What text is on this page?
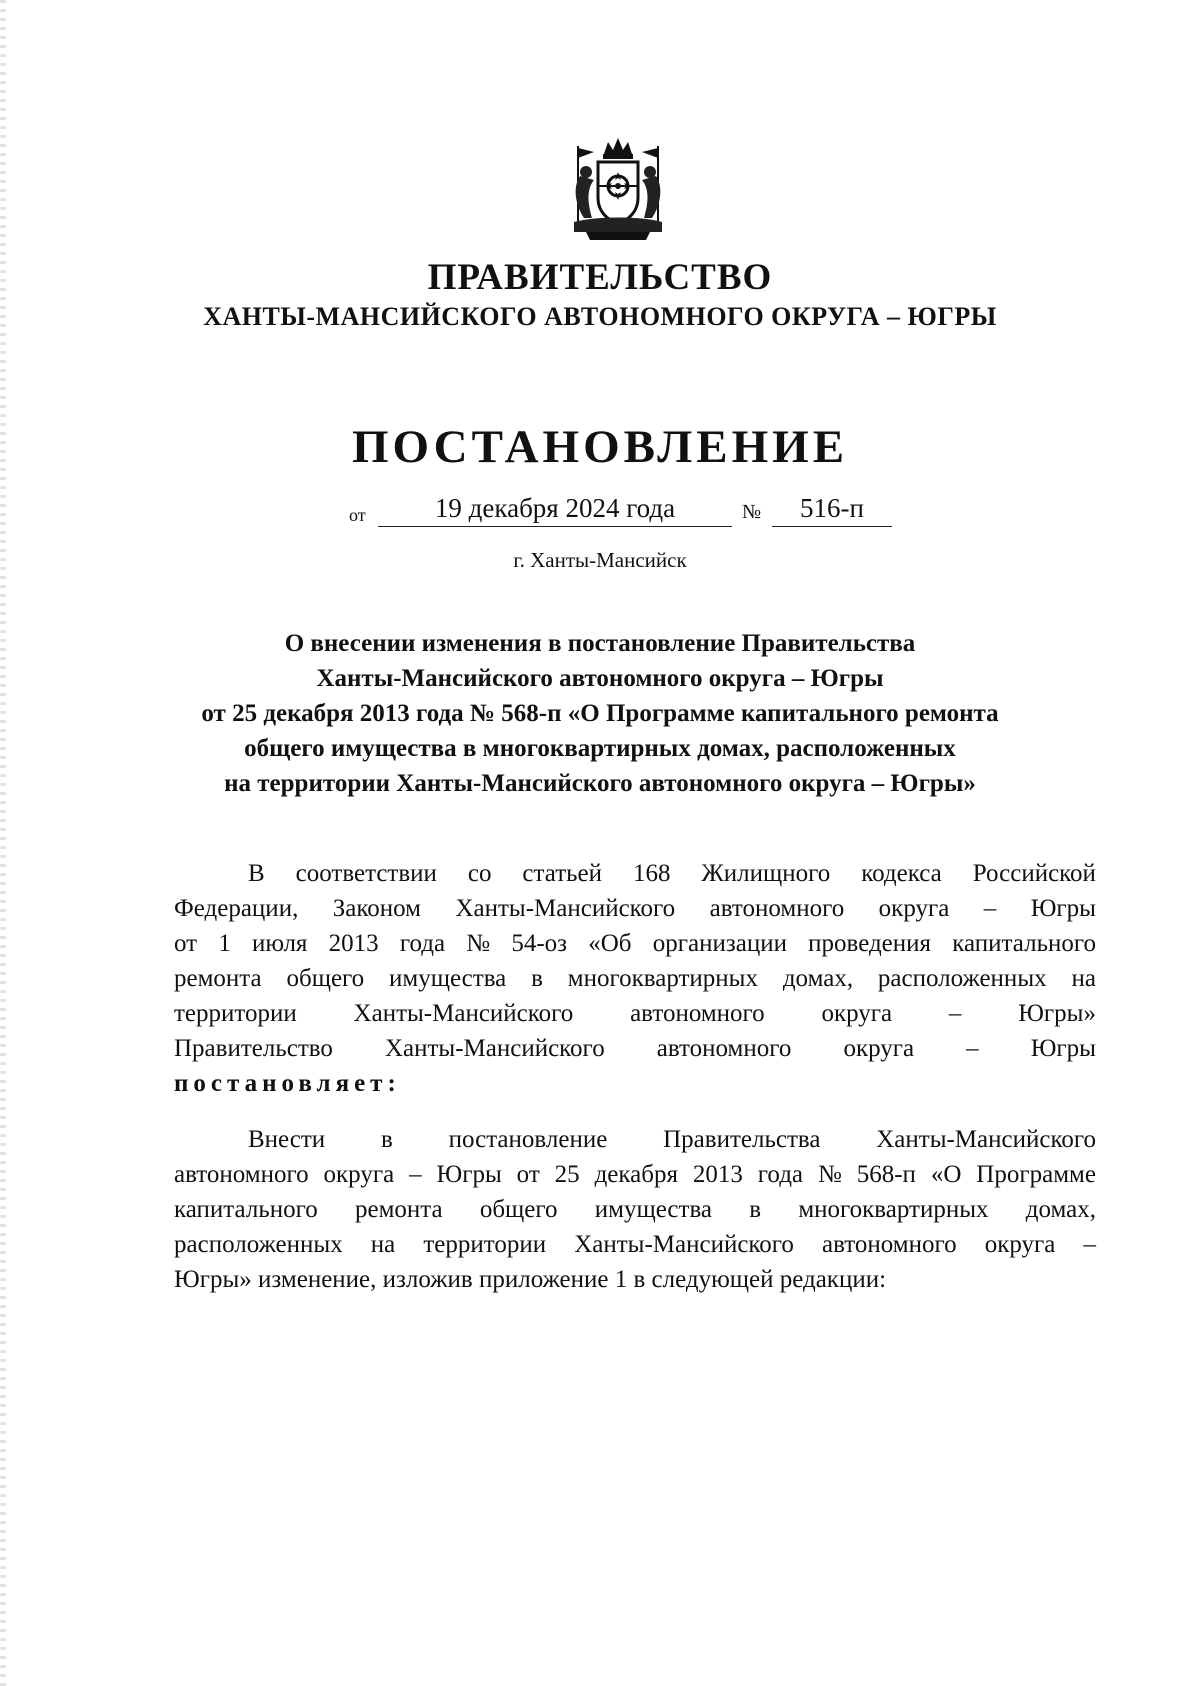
ПРАВИТЕЛЬСТВО
ХАНТЫ-МАНСИЙСКОГО АВТОНОМНОГО ОКРУГА – ЮГРЫ
ПОСТАНОВЛЕНИЕ
от	19 декабря 2024 года	№	516-п
г. Ханты-Мансийск
О внесении изменения в постановление Правительства
Ханты-Мансийского автономного округа – Югры
от 25 декабря 2013 года № 568-п «О Программе капитального ремонта
общего имущества в многоквартирных домах, расположенных
на территории Ханты-Мансийского автономного округа – Югры»
В соответствии со статьей 168 Жилищного кодекса Российской
Федерации, Законом Ханты-Мансийского автономного округа – Югры
от 1 июля 2013 года № 54-оз «Об организации проведения капитального
ремонта общего имущества в многоквартирных домах, расположенных на
территории Ханты-Мансийского автономного округа – Югры»
Правительство Ханты-Мансийского автономного округа – Югры
постановляет:
Внести в постановление Правительства Ханты-Мансийского
автономного округа – Югры от 25 декабря 2013 года № 568-п «О Программе
капитального ремонта общего имущества в многоквартирных домах,
расположенных на территории Ханты-Мансийского автономного округа –
Югры» изменение, изложив приложение 1 в следующей редакции:
